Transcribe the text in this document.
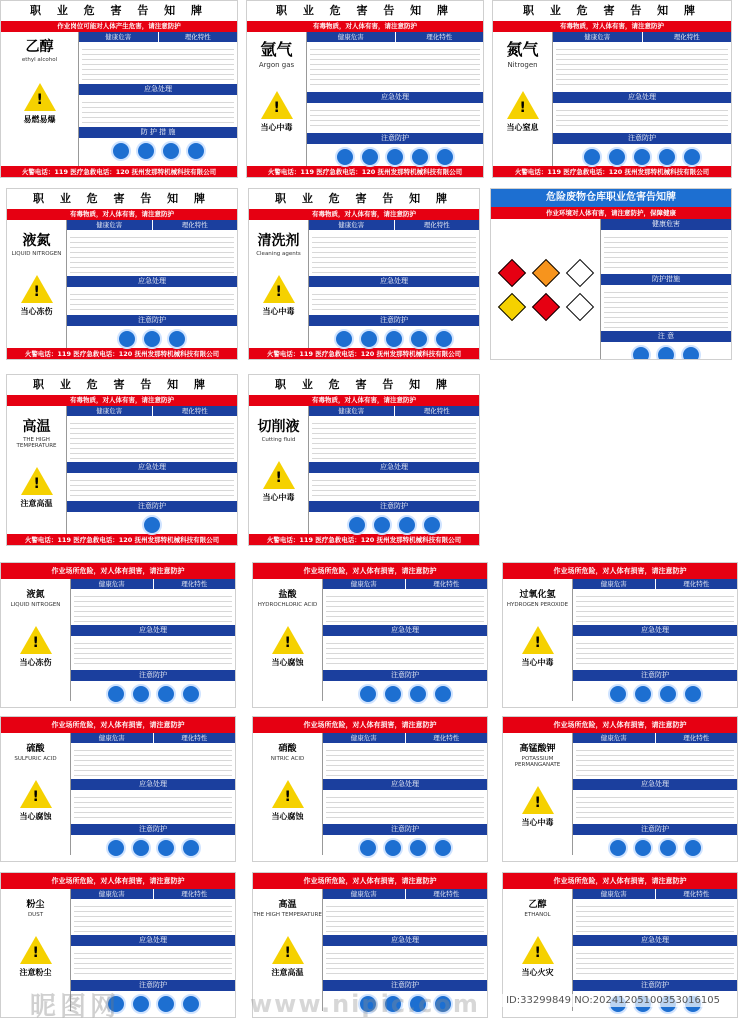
职 业 危 害 告 知 牌
作业岗位可能对人体产生危害，请注意防护
乙醇
ethyl alcohol
!
易燃易爆
健康危害	理化特性
应急处理
防 护 措 施
火警电话：119 医疗急救电话：120 抚州发那特机械科技有限公司
职 业 危 害 告 知 牌
有毒物质，对人体有害，请注意防护
氩气
Argon gas
!
当心中毒
健康危害	理化特性
应急处理
注意防护
火警电话：119 医疗急救电话：120 抚州发那特机械科技有限公司
职 业 危 害 告 知 牌
有毒物质，对人体有害，请注意防护
氮气
Nitrogen
!
当心窒息
健康危害	理化特性
应急处理
注意防护
火警电话：119 医疗急救电话：120 抚州发那特机械科技有限公司
职 业 危 害 告 知 牌
有毒物质，对人体有害，请注意防护
液氮
LIQUID NITROGEN
!
当心冻伤
健康危害	理化特性
应急处理
注意防护
火警电话：119 医疗急救电话：120 抚州发那特机械科技有限公司
职 业 危 害 告 知 牌
有毒物质，对人体有害，请注意防护
清洗剂
Cleaning agents
!
当心中毒
健康危害	理化特性
应急处理
注意防护
火警电话：119 医疗急救电话：120 抚州发那特机械科技有限公司
危险废物仓库职业危害告知牌
作业环境对人体有害，请注意防护，保障健康
健康危害
防护措施
注 意
职 业 危 害 告 知 牌
有毒物质，对人体有害，请注意防护
高温
THE HIGH TEMPERATURE
!
注意高温
健康危害	理化特性
应急处理
注意防护
火警电话：119 医疗急救电话：120 抚州发那特机械科技有限公司
职 业 危 害 告 知 牌
有毒物质，对人体有害，请注意防护
切削液
Cutting fluid
!
当心中毒
健康危害	理化特性
应急处理
注意防护
火警电话：119 医疗急救电话：120 抚州发那特机械科技有限公司
作业场所危险，对人体有损害，请注意防护
液氮
LIQUID NITROGEN
!
当心冻伤
健康危害	理化特性
应急处理
注意防护
作业场所危险，对人体有损害，请注意防护
盐酸
HYDROCHLORIC ACID
!
当心腐蚀
健康危害	理化特性
应急处理
注意防护
作业场所危险，对人体有损害，请注意防护
过氧化氢
HYDROGEN PEROXIDE
!
当心中毒
健康危害	理化特性
应急处理
注意防护
作业场所危险，对人体有损害，请注意防护
硫酸
SULFURIC ACID
!
当心腐蚀
健康危害	理化特性
应急处理
注意防护
作业场所危险，对人体有损害，请注意防护
硝酸
NITRIC ACID
!
当心腐蚀
健康危害	理化特性
应急处理
注意防护
作业场所危险，对人体有损害，请注意防护
高锰酸钾
POTASSIUM PERMANGANATE
!
当心中毒
健康危害	理化特性
应急处理
注意防护
作业场所危险，对人体有损害，请注意防护
粉尘
DUST
!
注意粉尘
健康危害	理化特性
应急处理
注意防护
作业场所危险，对人体有损害，请注意防护
高温
THE HIGH TEMPERATURE
!
注意高温
健康危害	理化特性
应急处理
注意防护
作业场所危险，对人体有损害，请注意防护
乙醇
ETHANOL
!
当心火灾
健康危害	理化特性
应急处理
注意防护
昵图网	www.nipic.com	ID:33299849 NO:20241205100353016105
